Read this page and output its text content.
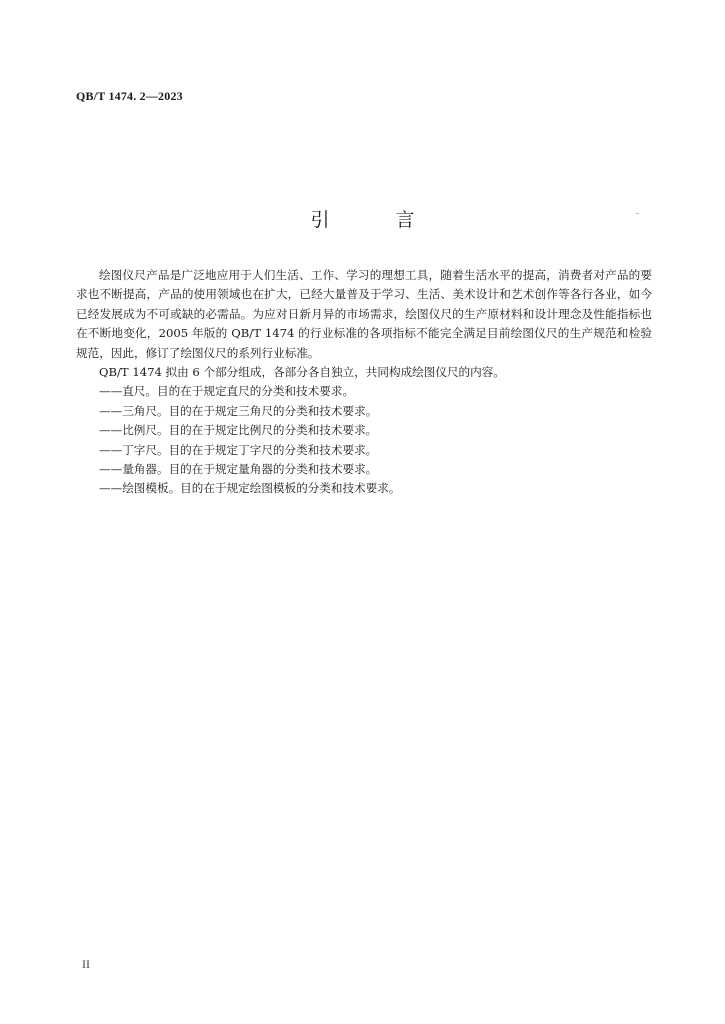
QB/T 1474. 2—2023
引 言

绘图仪尺产品是广泛地应用于人们生活、工作、学习的理想工具，随着生活水平的提高，消费者对产品的要求也不断提高，产品的使用领域也在扩大，已经大量普及于学习、生活、美术设计和艺术创作等各行各业，如今已经发展成为不可或缺的必需品。为应对日新月异的市场需求，绘图仪尺的生产原材料和设计理念及性能指标也在不断地变化，2005 年版的 QB/T 1474 的行业标准的各项指标不能完全满足目前绘图仪尺的生产规范和检验规范，因此，修订了绘图仪尺的系列行业标准。

QB/T 1474 拟由 6 个部分组成，各部分各自独立，共同构成绘图仪尺的内容。

——直尺。目的在于规定直尺的分类和技术要求。

——三角尺。目的在于规定三角尺的分类和技术要求。

——比例尺。目的在于规定比例尺的分类和技术要求。

——丁字尺。目的在于规定丁字尺的分类和技术要求。

——量角器。目的在于规定量角器的分类和技术要求。

——绘图模板。目的在于规定绘图模板的分类和技术要求。

II
